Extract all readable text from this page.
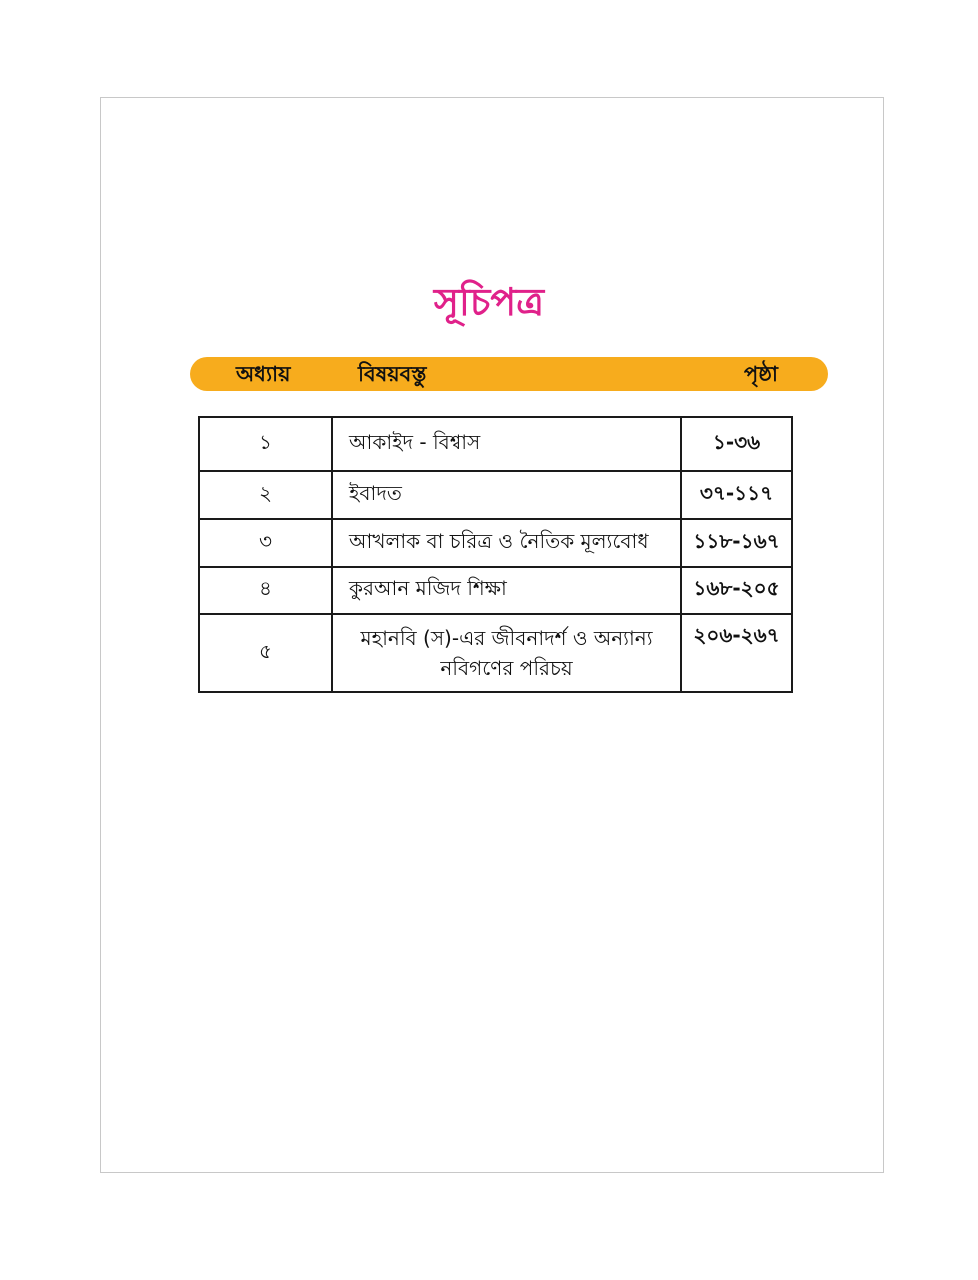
সূচিপত্র
অধ্যায়	বিষয়বস্তু	পৃষ্ঠা
১	আকাইদ - বিশ্বাস	১-৩৬
২	ইবাদত	৩৭-১১৭
৩	আখলাক বা চরিত্র ও নৈতিক মূল্যবোধ	১১৮-১৬৭
৪	কুরআন মজিদ শিক্ষা	১৬৮-২০৫
৫	মহানবি (স)-এর জীবনাদর্শ ও অন্যান্য নবিগণের পরিচয়	২০৬-২৬৭
